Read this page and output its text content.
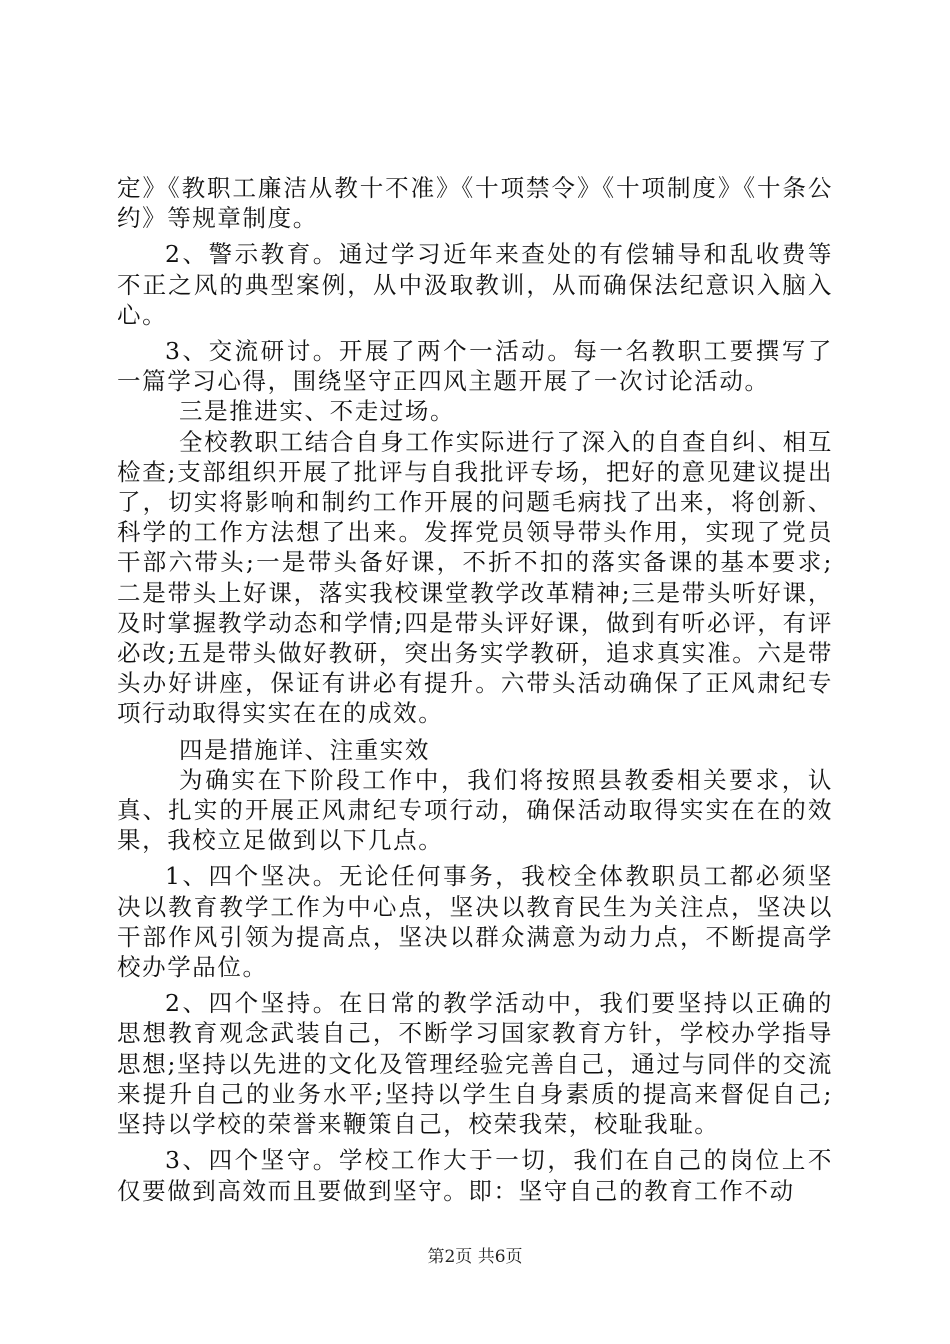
定》《教职工廉洁从教十不准》《十项禁令》《十项制度》《十条公约》等规章制度。

2、警示教育。通过学习近年来查处的有偿辅导和乱收费等不正之风的典型案例，从中汲取教训，从而确保法纪意识入脑入心。

3、交流研讨。开展了两个一活动。每一名教职工要撰写了一篇学习心得，围绕坚守正四风主题开展了一次讨论活动。

三是推进实、不走过场。

全校教职工结合自身工作实际进行了深入的自查自纠、相互检查;支部组织开展了批评与自我批评专场，把好的意见建议提出了，切实将影响和制约工作开展的问题毛病找了出来，将创新、科学的工作方法想了出来。发挥党员领导带头作用，实现了党员干部六带头;一是带头备好课，不折不扣的落实备课的基本要求;二是带头上好课，落实我校课堂教学改革精神;三是带头听好课，及时掌握教学动态和学情;四是带头评好课，做到有听必评，有评必改;五是带头做好教研，突出务实学教研，追求真实准。六是带头办好讲座，保证有讲必有提升。六带头活动确保了正风肃纪专项行动取得实实在在的成效。

四是措施详、注重实效

为确实在下阶段工作中，我们将按照县教委相关要求，认真、扎实的开展正风肃纪专项行动，确保活动取得实实在在的效果，我校立足做到以下几点。

1、四个坚决。无论任何事务，我校全体教职员工都必须坚决以教育教学工作为中心点，坚决以教育民生为关注点，坚决以干部作风引领为提高点，坚决以群众满意为动力点，不断提高学校办学品位。

2、四个坚持。在日常的教学活动中，我们要坚持以正确的思想教育观念武装自己，不断学习国家教育方针，学校办学指导思想;坚持以先进的文化及管理经验完善自己，通过与同伴的交流来提升自己的业务水平;坚持以学生自身素质的提高来督促自己;坚持以学校的荣誉来鞭策自己，校荣我荣，校耻我耻。

3、四个坚守。学校工作大于一切，我们在自己的岗位上不仅要做到高效而且要做到坚守。即：坚守自己的教育工作不动

第2页 共6页
